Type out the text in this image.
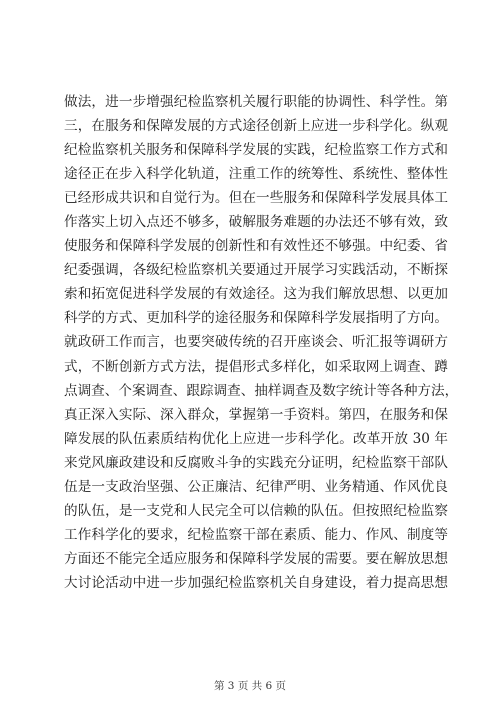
做法，进一步增强纪检监察机关履行职能的协调性、科学性。第
三，在服务和保障发展的方式途径创新上应进一步科学化。纵观
纪检监察机关服务和保障科学发展的实践，纪检监察工作方式和
途径正在步入科学化轨道，注重工作的统筹性、系统性、整体性
已经形成共识和自觉行为。但在一些服务和保障科学发展具体工
作落实上切入点还不够多，破解服务难题的办法还不够有效，致
使服务和保障科学发展的创新性和有效性还不够强。中纪委、省
纪委强调，各级纪检监察机关要通过开展学习实践活动，不断探
索和拓宽促进科学发展的有效途径。这为我们解放思想、以更加
科学的方式、更加科学的途径服务和保障科学发展指明了方向。
就政研工作而言，也要突破传统的召开座谈会、听汇报等调研方
式，不断创新方式方法，提倡形式多样化，如采取网上调查、蹲
点调查、个案调查、跟踪调查、抽样调查及数字统计等各种方法，
真正深入实际、深入群众，掌握第一手资料。第四，在服务和保
障发展的队伍素质结构优化上应进一步科学化。改革开放 30 年
来党风廉政建设和反腐败斗争的实践充分证明，纪检监察干部队
伍是一支政治坚强、公正廉洁、纪律严明、业务精通、作风优良
的队伍，是一支党和人民完全可以信赖的队伍。但按照纪检监察
工作科学化的要求，纪检监察干部在素质、能力、作风、制度等
方面还不能完全适应服务和保障科学发展的需要。要在解放思想
大讨论活动中进一步加强纪检监察机关自身建设，着力提高思想
第 3 页 共 6 页
